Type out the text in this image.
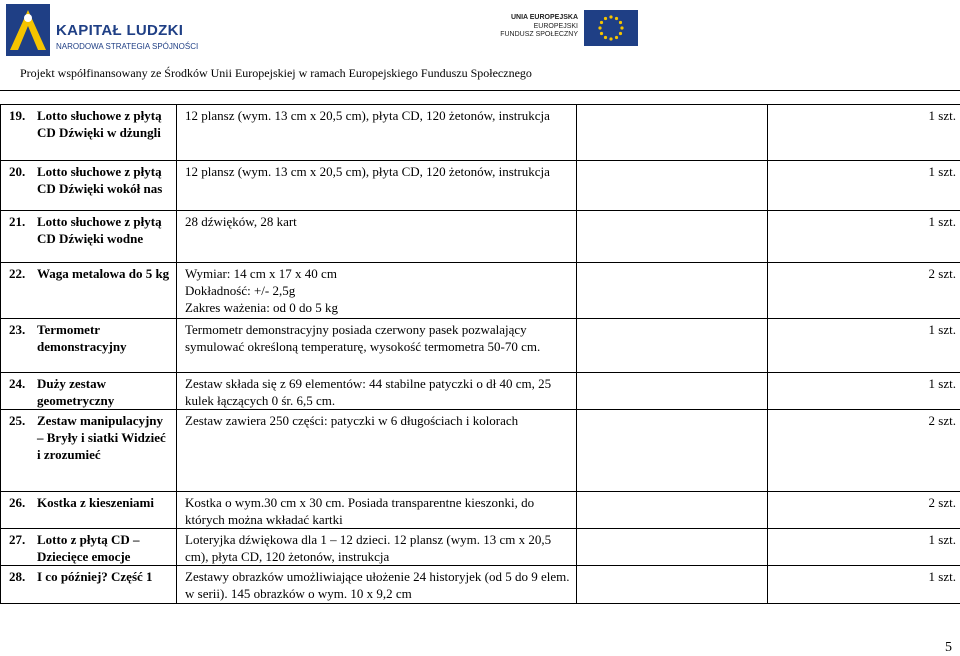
KAPITAŁ LUDZKI
NARODOWA STRATEGIA SPÓJNOŚCI
UNIA EUROPEJSKA
EUROPEJSKI
FUNDUSZ SPOŁECZNY
Projekt współfinansowany ze Środków Unii Europejskiej w ramach Europejskiego Funduszu Społecznego
19. Lotto słuchowe z płytą CD Dźwięki w dżungli	12 plansz (wym. 13 cm x 20,5 cm), płyta CD, 120 żetonów, instrukcja		1 szt.

20. Lotto słuchowe z płytą CD Dźwięki wokół nas	12 plansz (wym. 13 cm x 20,5 cm), płyta CD, 120 żetonów, instrukcja		1 szt.

21. Lotto słuchowe z płytą CD Dźwięki wodne	28 dźwięków, 28 kart		1 szt.

22. Waga metalowa do 5 kg	Wymiar: 14 cm x 17 x 40 cm
Dokładność: +/- 2,5g
Zakres ważenia: od 0 do 5 kg		2 szt.

23. Termometr demonstracyjny	Termometr demonstracyjny posiada czerwony pasek pozwalający symulować określoną temperaturę, wysokość termometra 50-70 cm.		1 szt.

24. Duży zestaw geometryczny	Zestaw składa się z 69 elementów: 44 stabilne patyczki o dł 40 cm, 25 kulek łączących 0 śr. 6,5 cm.		1 szt.

25. Zestaw manipulacyjny – Bryły i siatki Widzieć i zrozumieć	Zestaw zawiera 250 części: patyczki w 6 długościach i kolorach		2 szt.

26. Kostka z kieszeniami	Kostka o wym.30 cm x 30 cm. Posiada transparentne kieszonki, do których można wkładać kartki		2 szt.

27. Lotto z płytą CD – Dziecięce emocje	Loteryjka dźwiękowa dla 1 – 12 dzieci. 12 plansz (wym. 13 cm x 20,5 cm), płyta CD, 120 żetonów, instrukcja		1 szt.

28. I co później? Część 1	Zestawy obrazków umożliwiające ułożenie 24 historyjek (od 5 do 9 elem. w serii). 145 obrazków o wym. 10 x 9,2 cm		1 szt.
5
